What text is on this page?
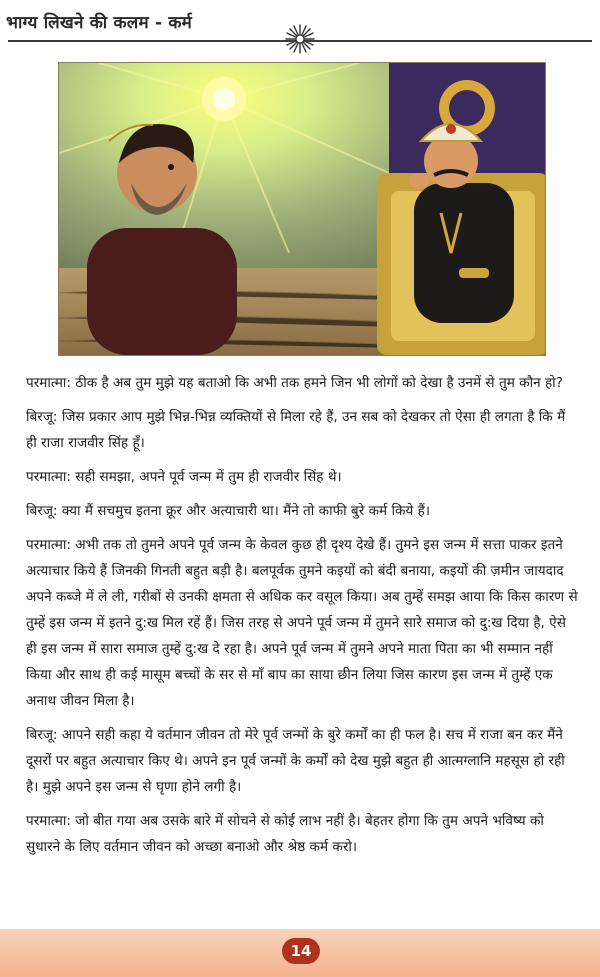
भाग्य लिखने की कलम - कर्म

परमात्मा: ठीक है अब तुम मुझे यह बताओ कि अभी तक हमने जिन भी लोगों को देखा है उनमें से तुम कौन हो?

बिरजू: जिस प्रकार आप मुझे भिन्न-भिन्न व्यक्तियों से मिला रहे हैं, उन सब को देखकर तो ऐसा ही लगता है कि मैं ही राजा राजवीर सिंह हूँ।

परमात्मा: सही समझा, अपने पूर्व जन्म में तुम ही राजवीर सिंह थे।

बिरजू: क्या मैं सचमुच इतना क्रूर और अत्याचारी था। मैंने तो काफी बुरे कर्म किये हैं।

परमात्मा: अभी तक तो तुमने अपने पूर्व जन्म के केवल कुछ ही दृश्य देखे हैं। तुमने इस जन्म में सत्ता पाकर इतने अत्याचार किये हैं जिनकी गिनती बहुत बड़ी है। बलपूर्वक तुमने कइयों को बंदी बनाया, कइयों की ज़मीन जायदाद अपने कब्जे में ले ली, गरीबों से उनकी क्षमता से अधिक कर वसूल किया। अब तुम्हें समझ आया कि किस कारण से तुम्हें इस जन्म में इतने दु:ख मिल रहें हैं। जिस तरह से अपने पूर्व जन्म में तुमने सारे समाज को दु:ख दिया है, ऐसे ही इस जन्म में सारा समाज तुम्हें दु:ख दे रहा है। अपने पूर्व जन्म में तुमने अपने माता पिता का भी सम्मान नहीं किया और साथ ही कई मासूम बच्चों के सर से माँ बाप का साया छीन लिया जिस कारण इस जन्म में तुम्हें एक अनाथ जीवन मिला है।

बिरजू: आपने सही कहा ये वर्तमान जीवन तो मेरे पूर्व जन्मों के बुरे कर्मों का ही फल है। सच में राजा बन कर मैंने दूसरों पर बहुत अत्याचार किए थे। अपने इन पूर्व जन्मों के कर्मों को देख मुझे बहुत ही आत्मग्लानि महसूस हो रही है। मुझे अपने इस जन्म से घृणा होने लगी है।

परमात्मा: जो बीत गया अब उसके बारे में सोचने से कोई लाभ नहीं है। बेहतर होगा कि तुम अपने भविष्य को सुधारने के लिए वर्तमान जीवन को अच्छा बनाओ और श्रेष्ठ कर्म करो।

14
